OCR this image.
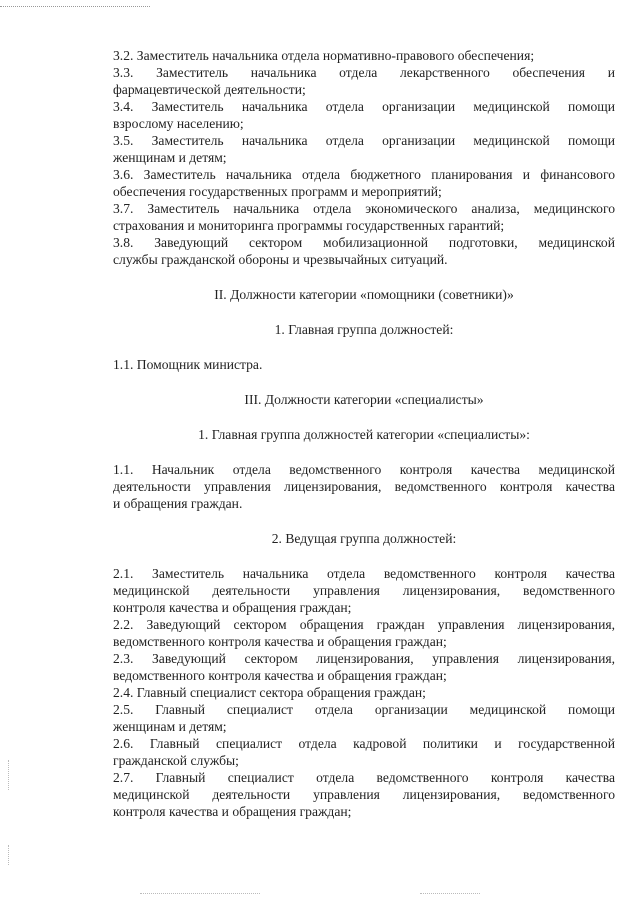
3.2. Заместитель начальника отдела нормативно-правового обеспечения;
3.3. Заместитель начальника отдела лекарственного обеспечения и
фармацевтической деятельности;
3.4. Заместитель начальника отдела организации медицинской помощи
взрослому населению;
3.5. Заместитель начальника отдела организации медицинской помощи
женщинам и детям;
3.6. Заместитель начальника отдела бюджетного планирования и финансового
обеспечения государственных программ и мероприятий;
3.7. Заместитель начальника отдела экономического анализа, медицинского
страхования и мониторинга программы государственных гарантий;
3.8. Заведующий сектором мобилизационной подготовки, медицинской
службы гражданской обороны и чрезвычайных ситуаций.
II. Должности категории «помощники (советники)»
1. Главная группа должностей:
1.1. Помощник министра.
III. Должности категории «специалисты»
1. Главная группа должностей категории «специалисты»:
1.1. Начальник отдела ведомственного контроля качества медицинской
деятельности управления лицензирования, ведомственного контроля качества
и обращения граждан.
2. Ведущая группа должностей:
2.1. Заместитель начальника отдела ведомственного контроля качества
медицинской деятельности управления лицензирования, ведомственного
контроля качества и обращения граждан;
2.2. Заведующий сектором обращения граждан управления лицензирования,
ведомственного контроля качества и обращения граждан;
2.3. Заведующий сектором лицензирования, управления лицензирования,
ведомственного контроля качества и обращения граждан;
2.4. Главный специалист сектора обращения граждан;
2.5. Главный специалист отдела организации медицинской помощи
женщинам и детям;
2.6. Главный специалист отдела кадровой политики и государственной
гражданской службы;
2.7. Главный специалист отдела ведомственного контроля качества
медицинской деятельности управления лицензирования, ведомственного
контроля качества и обращения граждан;
